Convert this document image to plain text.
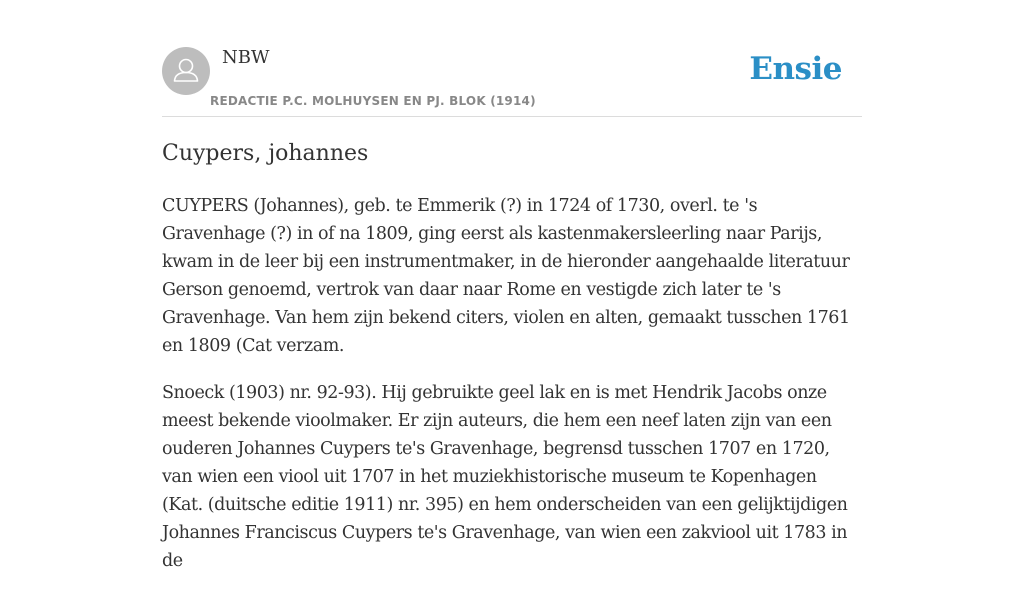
NBW
REDACTIE P.C. MOLHUYSEN EN PJ. BLOK (1914)
Ensie
Cuypers, johannes

CUYPERS (Johannes), geb. te Emmerik (?) in 1724 of 1730, overl. te 's Gravenhage (?) in of na 1809, ging eerst als kastenmakersleerling naar Parijs, kwam in de leer bij een instrumentmaker, in de hieronder aangehaalde literatuur Gerson genoemd, vertrok van daar naar Rome en vestigde zich later te 's Gravenhage. Van hem zijn bekend citers, violen en alten, gemaakt tusschen 1761 en 1809 (Cat verzam.

Snoeck (1903) nr. 92-93). Hij gebruikte geel lak en is met Hendrik Jacobs onze meest bekende vioolmaker. Er zijn auteurs, die hem een neef laten zijn van een ouderen Johannes Cuypers te's Gravenhage, begrensd tusschen 1707 en 1720, van wien een viool uit 1707 in het muziekhistorische museum te Kopenhagen (Kat. (duitsche editie 1911) nr. 395) en hem onderscheiden van een gelijktijdigen Johannes Franciscus Cuypers te's Gravenhage, van wien een zakviool uit 1783 in de
